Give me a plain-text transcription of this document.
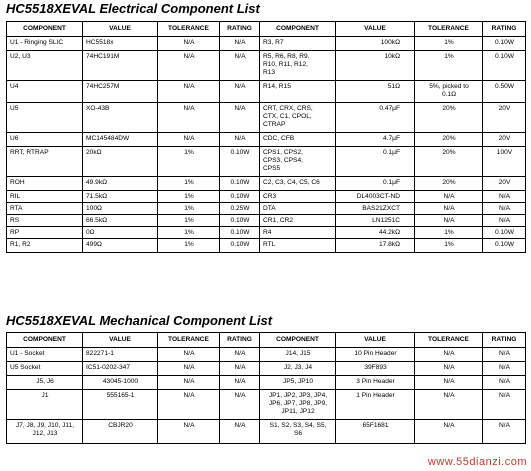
HC5518XEVAL Electrical Component List
COMPONENT	VALUE	TOLERANCE	RATING	COMPONENT	VALUE	TOLERANCE	RATING
U1 - Ringing SLIC	HC5518x	N/A	N/A	R3, R7	100kΩ	1%	0.10W
U2, U3	74HC191M	N/A	N/A	R5, R6, R8, R9,
R10, R11, R12,
R13	10kΩ	1%	0.10W
U4	74HC257M	N/A	N/A	R14, R15	51Ω	5%, picked to
0.1Ω	0.50W
U5	XO-43B	N/A	N/A	CRT, CRX, CRS,
CTX, C1, CPOL,
CTRAP	0.47μF	20%	20V
U6	MC145484DW	N/A	N/A	CDC, CFB	4.7μF	20%	20V
RRT, RTRAP	20kΩ	1%	0.10W	CPS1, CPS2,
CPS3, CPS4,
CPS5	0.1μF	20%	100V
ROH	49.9kΩ	1%	0.10W	C2, C3, C4, C5, C6	0.1μF	20%	20V
RIL	71.5kΩ	1%	0.10W	CR3	DL4003CT-ND	N/A	N/A
RTA	100Ω	1%	0.25W	DTA	BAS21ZXCT	N/A	N/A
RS	66.5kΩ	1%	0.10W	CR1, CR2	LN1251C	N/A	N/A
RP	0Ω	1%	0.10W	R4	44.2kΩ	1%	0.10W
R1, R2	499Ω	1%	0.10W	RTL	17.8kΩ	1%	0.10W
HC5518XEVAL Mechanical Component List
COMPONENT	VALUE	TOLERANCE	RATING	COMPONENT	VALUE	TOLERANCE	RATING
U1 - Socket	822271-1	N/A	N/A	J14, J15	10 Pin Header	N/A	N/A
U5 Socket	IC51-0202-347	N/A	N/A	J2, J3, J4	39F893	N/A	N/A
J5, J6	43045-1000	N/A	N/A	JP5, JP10	3 Pin Header	N/A	N/A
J1	555165-1	N/A	N/A	JP1, JP2, JP3, JP4,
JP6, JP7, JP8, JP9,
JP11, JP12	1 Pin Header	N/A	N/A
J7, J8, J9, J10, J11,
J12, J13	CBJR20	N/A	N/A	S1, S2, S3, S4, S5,
S6	65F1681	N/A	N/A
www.55dianzi.com
